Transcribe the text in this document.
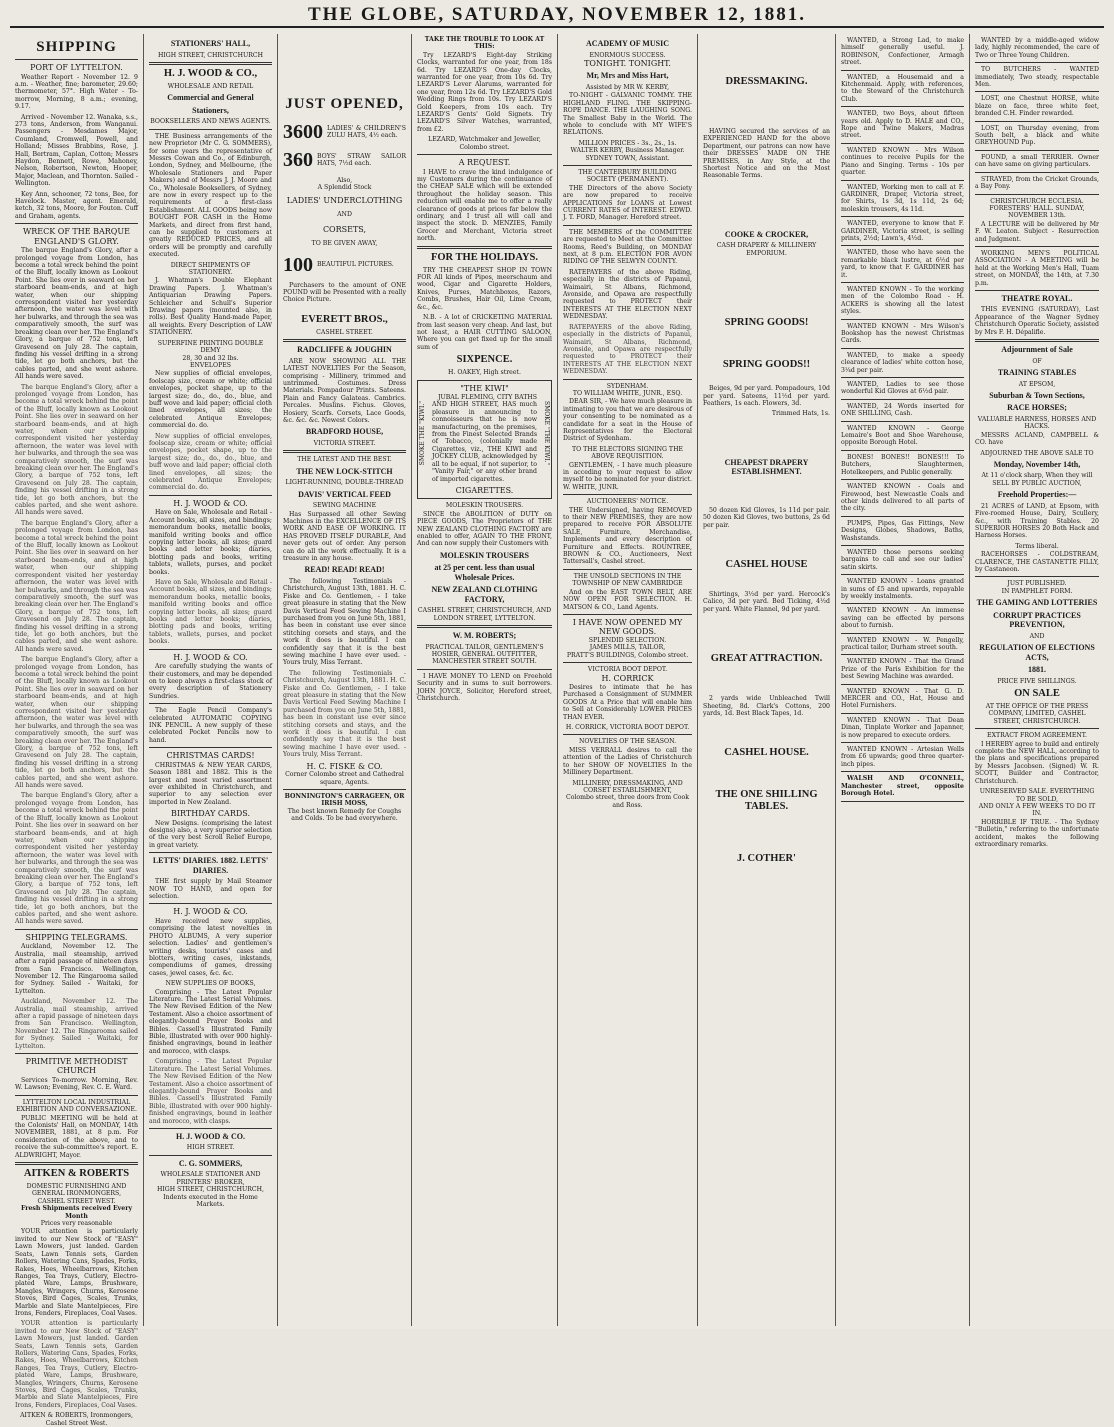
THE GLOBE, SATURDAY, NOVEMBER 12, 1881.
SHIPPING
PORT OF LYTTELTON.

Weather Report - November 12. 9 a.m. - Weather, fine; barometer, 29.60; thermometer, 57°. High Water - To-morrow, Morning, 8 a.m.; evening, 9.17.

Arrived - November 12. Wanaka, s.s., 273 tons, Anderson, from Wanganui. Passengers - Mesdames Major, Coumland, Cromwell, Powell, and Holland; Misses Brabbins, Rose, J. Hall, Bertram, Caplan, Cotton; Messrs Haydon, Bennett, Rowe, Mahoney, Nelson, Robertson, Newton, Hooper, Major, Maclean, and Thornton. Sailed - Wellington.

Key Ann, schooner, 72 tons, Bee, for Havelock. Master, agent. Emerald, ketch, 32 tons, Moore, for Fouton. Cuff and Graham, agents.

WRECK OF THE BARQUE ENGLAND'S GLORY.

The barque England's Glory, after a prolonged voyage from London, has become a total wreck behind the point of the Bluff, locally known as Lookout Point. She lies over in seaward on her starboard beam-ends, and at high water, when our shipping correspondent visited her yesterday afternoon, the water was level with her bulwarks, and through the sea was comparatively smooth, the surf was breaking clean over her. The England's Glory, a barque of 752 tons, left Gravesend on July 28. The captain, finding his vessel drifting in a strong tide, let go both anchors, but the cables parted, and she went ashore. All hands were saved.

The barque England's Glory, after a prolonged voyage from London, has become a total wreck behind the point of the Bluff, locally known as Lookout Point. She lies over in seaward on her starboard beam-ends, and at high water, when our shipping correspondent visited her yesterday afternoon, the water was level with her bulwarks, and through the sea was comparatively smooth, the surf was breaking clean over her. The England's Glory, a barque of 752 tons, left Gravesend on July 28. The captain, finding his vessel drifting in a strong tide, let go both anchors, but the cables parted, and she went ashore. All hands were saved.

The barque England's Glory, after a prolonged voyage from London, has become a total wreck behind the point of the Bluff, locally known as Lookout Point. She lies over in seaward on her starboard beam-ends, and at high water, when our shipping correspondent visited her yesterday afternoon, the water was level with her bulwarks, and through the sea was comparatively smooth, the surf was breaking clean over her. The England's Glory, a barque of 752 tons, left Gravesend on July 28. The captain, finding his vessel drifting in a strong tide, let go both anchors, but the cables parted, and she went ashore. All hands were saved.

The barque England's Glory, after a prolonged voyage from London, has become a total wreck behind the point of the Bluff, locally known as Lookout Point. She lies over in seaward on her starboard beam-ends, and at high water, when our shipping correspondent visited her yesterday afternoon, the water was level with her bulwarks, and through the sea was comparatively smooth, the surf was breaking clean over her. The England's Glory, a barque of 752 tons, left Gravesend on July 28. The captain, finding his vessel drifting in a strong tide, let go both anchors, but the cables parted, and she went ashore. All hands were saved.

The barque England's Glory, after a prolonged voyage from London, has become a total wreck behind the point of the Bluff, locally known as Lookout Point. She lies over in seaward on her starboard beam-ends, and at high water, when our shipping correspondent visited her yesterday afternoon, the water was level with her bulwarks, and through the sea was comparatively smooth, the surf was breaking clean over her. The England's Glory, a barque of 752 tons, left Gravesend on July 28. The captain, finding his vessel drifting in a strong tide, let go both anchors, but the cables parted, and she went ashore. All hands were saved.

SHIPPING TELEGRAMS.

Auckland, November 12. The Australia, mail steamship, arrived after a rapid passage of nineteen days from San Francisco. Wellington, November 12. The Ringarooma sailed for Sydney. Sailed - Waitaki, for Lyttelton.

Auckland, November 12. The Australia, mail steamship, arrived after a rapid passage of nineteen days from San Francisco. Wellington, November 12. The Ringarooma sailed for Sydney. Sailed - Waitaki, for Lyttelton.

PRIMITIVE METHODIST CHURCH

Services To-morrow. Morning, Rev. W. Lawson; Evening, Rev. C. E. Ward.

LYTTELTON LOCAL INDUSTRIAL EXHIBITION AND CONVERSAZIONE.

PUBLIC MEETING will be held at the Colonists' Hall, on MONDAY, 14th NOVEMBER, 1881, at 8 p.m. For consideration of the above, and to receive the sub-committee's report. E. ALDWRIGHT, Mayor.

AITKEN & ROBERTS
DOMESTIC FURNISHING AND GENERAL IRONMONGERS,
CASHEL STREET WEST.
Fresh Shipments received Every Month
Prices very reasonable

YOUR attention is particularly invited to our New Stock of "EASY" Lawn Mowers, just landed. Garden Seats, Lawn Tennis sets, Garden Rollers, Watering Cans, Spades, Forks, Rakes, Hoes, Wheelbarrows, Kitchen Ranges, Tea Trays, Cutlery, Electro-plated Ware, Lamps, Brushware, Mangles, Wringers, Churns, Kerosene Stoves, Bird Cages, Scales, Trunks, Marble and Slate Mantelpieces, Fire Irons, Fenders, Fireplaces, Coal Vases.

YOUR attention is particularly invited to our New Stock of "EASY" Lawn Mowers, just landed. Garden Seats, Lawn Tennis sets, Garden Rollers, Watering Cans, Spades, Forks, Rakes, Hoes, Wheelbarrows, Kitchen Ranges, Tea Trays, Cutlery, Electro-plated Ware, Lamps, Brushware, Mangles, Wringers, Churns, Kerosene Stoves, Bird Cages, Scales, Trunks, Marble and Slate Mantelpieces, Fire Irons, Fenders, Fireplaces, Coal Vases.

AITKEN & ROBERTS, Ironmongers, Cashel Street West.
STATIONERS' HALL,
HIGH STREET, CHRISTCHURCH
H. J. WOOD & CO.,
WHOLESALE AND RETAIL
Commercial and General
Stationers,
BOOKSELLERS AND NEWS AGENTS.

THE Business arrangements of the new Proprietor (Mr C. G. SOMMERS), for some years the representative of Messrs Cowan and Co., of Edinburgh, London, Sydney, and Melbourne, (the Wholesale Stationers and Paper Makers) and of Messrs J. J. Moore and Co., Wholesale Booksellers, of Sydney, are now in every respect up to the requirements of a first-class Establishment. ALL GOODS being now BOUGHT FOR CASH in the Home Markets, and direct from first hand, can be supplied to customers at greatly REDUCED PRICES, and all orders will be promptly and carefully executed.

DIRECT SHIPMENTS OF STATIONERY.

J. Whatman's Double Elephant Drawing Papers. J. Whatman's Antiquarian Drawing Papers. Schleicher and Schull's Superior Drawing papers (mounted also, in rolls). Best Quality Hand-made Paper, all weights. Every Description of LAW STATIONERY.

SUPERFINE PRINTING DOUBLE DEMY
28, 30 and 32 lbs.
ENVELOPES

New supplies of official envelopes, foolscap size, cream or white; official envelopes, pocket shape, up to the largest size; do., do., do., blue, and buff wove and laid paper; official cloth lined envelopes, all sizes; the celebrated Antique Envelopes; commercial do. do.

New supplies of official envelopes, foolscap size, cream or white; official envelopes, pocket shape, up to the largest size; do., do., do., blue, and buff wove and laid paper; official cloth lined envelopes, all sizes; the celebrated Antique Envelopes; commercial do. do.

H. J. WOOD & CO.

Have on Sale, Wholesale and Retail - Account books, all sizes, and bindings; memorandum books, metallic books, manifold writing books and office copying letter books, all sizes; guard books and letter books; diaries, blotting pads and books, writing tablets, wallets, purses, and pocket books.

Have on Sale, Wholesale and Retail - Account books, all sizes, and bindings; memorandum books, metallic books, manifold writing books and office copying letter books, all sizes; guard books and letter books; diaries, blotting pads and books, writing tablets, wallets, purses, and pocket books.

H. J. WOOD & CO.

Are carefully studying the wants of their customers, and may be depended on to keep always a first-class stock of every description of Stationery Sundries.

The Eagle Pencil Company's celebrated AUTOMATIC COPYING INK PENCIL. A new supply of these celebrated Pocket Pencils now to hand.

CHRISTMAS CARDS!

CHRISTMAS & NEW YEAR CARDS, Season 1881 and 1882. This is the largest and most varied assortment ever exhibited in Christchurch, and superior to any selection ever imported in New Zealand.

BIRTHDAY CARDS.

New Designs. (comprising the latest designs) also, a very superior selection of the very best Scroll Relief Europe, in great variety.

LETTS' DIARIES. 1882. LETTS' DIARIES.

THE first supply by Mail Steamer NOW TO HAND, and open for selection.

H. J. WOOD & CO.

Have received new supplies, comprising the latest novelties in PHOTO ALBUMS, A very superior selection. Ladies' and gentlemen's writing desks, tourists' cases and blotters, writing cases, inkstands, compendiums of games, dressing cases, jewel cases, &c. &c.

NEW SUPPLIES OF BOOKS,

Comprising - The Latest Popular Literature. The Latest Serial Volumes. The New Revised Edition of the New Testament. Also a choice assortment of elegantly-bound Prayer Books and Bibles. Cassell's Illustrated Family Bible, illustrated with over 900 highly-finished engravings, bound in leather and morocco, with clasps.

Comprising - The Latest Popular Literature. The Latest Serial Volumes. The New Revised Edition of the New Testament. Also a choice assortment of elegantly-bound Prayer Books and Bibles. Cassell's Illustrated Family Bible, illustrated with over 900 highly-finished engravings, bound in leather and morocco, with clasps.

H. J. WOOD & CO.
HIGH STREET.
C. G. SOMMERS,
WHOLESALE STATIONER AND PRINTERS' BROKER,
HIGH STREET, CHRISTCHURCH,
Indents executed in the Home Markets.
JUST OPENED,
3600 LADIES' & CHILDREN'S ZULU HATS, 4½ each.
360 BOYS' STRAW SAILOR HATS, 7½d each.
Also,
A Splendid Stock
LADIES' UNDERCLOTHING
AND
CORSETS,
TO BE GIVEN AWAY,
100 BEAUTIFUL PICTURES.

Purchasers to the amount of ONE POUND will be Presented with a really Choice Picture.

EVERETT BROS.,
CASHEL STREET.
RADCLIFFE & JOUGHIN

ARE NOW SHOWING ALL THE LATEST NOVELTIES For the Season, comprising - Millinery, trimmed and untrimmed. Costumes. Dress Materials. Pompadour Prints. Sateens. Plain and Fancy Galateas. Cambrics. Percales. Muslins. Fichus. Gloves, Hosiery, Scarfs. Corsets, Lace Goods, &c. &c. &c. Newest Colors.

BRADFORD HOUSE,
VICTORIA STREET.
THE LATEST AND THE BEST.
THE NEW LOCK-STITCH
LIGHT-RUNNING, DOUBLE-THREAD
DAVIS' VERTICAL FEED
SEWING MACHINE

Has Surpassed all other Sewing Machines in the EXCELLENCE OF ITS WORK AND EASE OF WORKING. IT HAS PROVED ITSELF DURABLE, And never gets out of order. Any person can do all the work effectually. It is a treasure in any house.

READ! READ! READ!

The following Testimonials - Christchurch, August 13th, 1881. H. C. Fiske and Co. Gentlemen, - I take great pleasure in stating that the New Davis Vertical Feed Sewing Machine I purchased from you on June 5th, 1881, has been in constant use ever since stitching corsets and stays, and the work it does is beautiful. I can confidently say that it is the best sewing machine I have ever used. - Yours truly, Miss Terrant.

The following Testimonials - Christchurch, August 13th, 1881. H. C. Fiske and Co. Gentlemen, - I take great pleasure in stating that the New Davis Vertical Feed Sewing Machine I purchased from you on June 5th, 1881, has been in constant use ever since stitching corsets and stays, and the work it does is beautiful. I can confidently say that it is the best sewing machine I have ever used. - Yours truly, Miss Terrant.

H. C. FISKE & CO.
Corner Colombo street and Cathedral square, Agents.
BONNINGTON'S CARRAGEEN, OR IRISH MOSS,
The best known Remedy for Coughs and Colds. To be had everywhere.
TAKE THE TROUBLE TO LOOK AT THIS:

Try LEZARD'S Eight-day Striking Clocks, warranted for one year, from 18s 6d. Try LEZARD'S One-day Clocks, warranted for one year, from 10s 6d. Try LEZARD'S Lever Alarums, warranted for one year, from 12s 6d. Try LEZARD'S Gold Wedding Rings from 10s. Try LEZARD'S Gold Keepers, from 10s each. Try LEZARD'S Gents' Gold Signets. Try LEZARD'S Silver Watches, warranted, from £2.

LEZARD, Watchmaker and Jeweller, Colombo street.
A REQUEST.

I HAVE to crave the kind indulgence of my Customers during the continuance of the CHEAP SALE which will be extended throughout the holiday season. This reduction will enable me to offer a really clearance of goods at prices far below the ordinary, and I trust all will call and inspect the stock. D. MENZIES, Family Grocer and Merchant, Victoria street north.

FOR THE HOLIDAYS.

TRY THE CHEAPEST SHOP IN TOWN FOR All kinds of Pipes, meerschaum and wood, Cigar and Cigarette Holders, Knives, Purses, Matchboxes, Razors, Combs, Brushes, Hair Oil, Lime Cream, &c., &c.

N.B. - A lot of CRICKETING MATERIAL from last season very cheap. And last, but not least, a HAIR CUTTING SALOON, Where you can get fixed up for the small sum of

SIXPENCE.
H. OAKEY, High street.
SMOKE THE "KIWI."	SMOKE "THE KIWI."
"THE KIWI"

JUBAL FLEMING, CITY BATHS AND HIGH STREET, HAS much pleasure in announcing to connoisseurs that he is now manufacturing, on the premises, from the Finest Selected Brands of Tobacco, (colonially made Cigarettes, viz., THE KIWI and JOCKEY CLUB, acknowledged by all to be equal, if not superior, to "Vanity Fair," or any other brand of imported cigarettes.

CIGARETTES.
MOLESKIN TROUSERS.

SINCE the ABOLITION of DUTY on PIECE GOODS, The Proprietors of THE NEW ZEALAND CLOTHING FACTORY are enabled to offer, AGAIN TO THE FRONT, And can now supply their Customers with

MOLESKIN TROUSERS
at 25 per cent. less than usual Wholesale Prices.
NEW ZEALAND CLOTHING FACTORY,
CASHEL STREET, CHRISTCHURCH, AND LONDON STREET, LYTTELTON.
W. M. ROBERTS;
PRACTICAL TAILOR, GENTLEMEN'S HOSIER, GENERAL OUTFITTER,
MANCHESTER STREET SOUTH.

I HAVE MONEY TO LEND on Freehold Security and in sums to suit borrowers. JOHN JOYCE, Solicitor, Hereford street, Christchurch.

ACADEMY OF MUSIC
ENORMOUS SUCCESS.
TONIGHT. TONIGHT.
Mr, Mrs and Miss Hart,
Assisted by MR W. KERBY,

TO-NIGHT - GALVANIC TOMMY. THE HIGHLAND FLING. THE SKIPPING-ROPE DANCE. THE LAUGHING SONG. The Smallest Baby in the World. The whole to conclude with MY WIFE'S RELATIONS.

MILLION PRICES - 3s., 2s., 1s.
WALTER KERBY, Business Manager. SYDNEY TOWN, Assistant.
THE CANTERBURY BUILDING SOCIETY (PERMANENT).

THE Directors of the above Society are now prepared to receive APPLICATIONS for LOANS at Lowest CURRENT RATES of INTEREST. EDWD. J. T. FORD, Manager. Hereford street.

THE MEMBERS of the COMMITTEE are requested to Meet at the Committee Rooms, Reed's Building, on MONDAY next, at 8 p.m. ELECTION FOR AVON RIDING OF THE SELWYN COUNTY.

RATEPAYERS of the above Riding, especially in the districts of Papanui, Waimairi, St Albans, Richmond, Avonside, and Opawa are respectfully requested to PROTECT their INTERESTS AT THE ELECTION NEXT WEDNESDAY.

RATEPAYERS of the above Riding, especially in the districts of Papanui, Waimairi, St Albans, Richmond, Avonside, and Opawa are respectfully requested to PROTECT their INTERESTS AT THE ELECTION NEXT WEDNESDAY.

SYDENHAM.
TO WILLIAM WHITE, JUNR., ESQ.

DEAR SIR, - We have much pleasure in intimating to you that we are desirous of your consenting to be nominated as a candidate for a seat in the House of Representatives for the Electoral District of Sydenham.

TO THE ELECTORS SIGNING THE ABOVE REQUISITION.

GENTLEMEN, - I have much pleasure in acceding to your request to allow myself to be nominated for your district. W. WHITE, JUNR.

AUCTIONEERS' NOTICE.

THE Undersigned, having REMOVED to their NEW PREMISES, they are now prepared to receive FOR ABSOLUTE SALE, Furniture, Merchandise, Implements and every description of Furniture and Effects. ROUNTREE, BROWN & CO., Auctioneers, Next Tattersall's, Cashel street.

THE UNSOLD SECTIONS IN THE TOWNSHIP OF NEW CAMBRIDGE

And on the EAST TOWN BELT, ARE NOW OPEN FOR SELECTION. H. MATSON & CO., Land Agents.

I HAVE NOW OPENED MY NEW GOODS.
SPLENDID SELECTION.
JAMES MILLS, TAILOR,
PRATT'S BUILDINGS, Colombo street.
VICTORIA BOOT DEPOT.
H. CORRICK

Desires to intimate that he has Purchased a Consignment of SUMMER GOODS At a Price that will enable him to Sell at Considerably LOWER PRICES THAN EVER.

H. CORRICK, VICTORIA BOOT DEPOT.
NOVELTIES OF THE SEASON.

MISS VERRALL desires to call the attention of the Ladies of Christchurch to her SHOW OF NOVELTIES In the Millinery Department.

MILLINERY, DRESSMAKING, AND CORSET ESTABLISHMENT,
Colombo street, three doors from Cook and Ross.
DRESSMAKING.

HAVING secured the services of an EXPERIENCED HAND for the above Department, our patrons can now have their DRESSES MADE ON THE PREMISES, in Any Style, at the Shortest Notice and on the Most Reasonable Terms.

COOKE & CROCKER,
CASH DRAPERY & MILLINERY EMPORIUM.
SPRING GOODS!
SPRING GOODS!!

Beiges, 9d per yard. Pompadours, 10d per yard. Sateens, 11½d per yard. Feathers, 1s each. Flowers, 3d.

Trimmed Hats, 1s.
CHEAPEST DRAPERY ESTABLISHMENT.

50 dozen Kid Gloves, 1s 11d per pair. 50 dozen Kid Gloves, two buttons, 2s 6d per pair.

CASHEL HOUSE

Shirtings, 3½d per yard. Hercock's Calico, 3d per yard. Bed Ticking, 4½d per yard. White Flannel, 9d per yard.

GREAT ATTRACTION.

2 yards wide Unbleached Twill Sheeting, 8d. Clark's Cottons, 200 yards, 1d. Best Black Tapes, 1d.

CASHEL HOUSE.
THE ONE SHILLING TABLES.
J. COTHER'

WANTED, a Strong Lad, to make himself generally useful. J. ROBINSON, Confectioner, Armagh street.

WANTED, a Housemaid and a Kitchenmaid. Apply, with references, to the Steward of the Christchurch Club.

WANTED, two Boys, about fifteen years old. Apply to D. HALE and CO., Rope and Twine Makers, Madras street.

WANTED KNOWN - Mrs Wilson continues to receive Pupils for the Piano and Singing. Terms - 10s per quarter.

WANTED, Working men to call at F. GARDINER, Draper, Victoria street, for Shirts, 1s 3d, 1s 11d, 2s 6d; moleskin trousers, 4s 11d.

WANTED, everyone to know that F. GARDINER, Victoria street, is selling prints, 2½d; Lawn's, 4½d.

WANTED, those who have seen the remarkable black lustre, at 6½d per yard, to know that F. GARDINER has it.

WANTED KNOWN - To the working men of the Colombo Road - H. ACKERS is showing all the latest styles.

WANTED KNOWN - Mrs Wilson's Bookshop has the newest Christmas Cards.

WANTED, to make a speedy clearance of ladies' white cotton hose, 3¼d per pair.

WANTED, Ladies to see those wonderful Kid Gloves at 6½d pair.

WANTED, 24 Words inserted for ONE SHILLING, Cash.

WANTED KNOWN - George Lemaire's Boot and Shoe Warehouse, opposite Borough Hotel.

BONES! BONES!! BONES!!! To Butchers, Slaughtermen, Hotelkeepers, and Public generally.

WANTED KNOWN - Coals and Firewood, best Newcastle Coals and other kinds delivered to all parts of the city.

PUMPS, Pipes, Gas Fittings, New Designs, Globes, Shadows, Baths, Washstands.

WANTED those persons seeking bargains to call and see our ladies' satin skirts.

WANTED KNOWN - Loans granted in sums of £5 and upwards, repayable by weekly instalments.

WANTED KNOWN - An immense saving can be effected by persons about to furnish.

WANTED KNOWN - W. Pengelly, practical tailor, Durham street south.

WANTED KNOWN - That the Grand Prize of the Paris Exhibition for the best Sewing Machine was awarded.

WANTED KNOWN - That G. D. MERCER and CO., Hat, House and Hotel Furnishers.

WANTED KNOWN - That Dean Dinan, Tinplate Worker and Japanner, is now prepared to execute orders.

WANTED KNOWN - Artesian Wells from £6 upwards; good three quarter-inch pipes.

WALSH AND O'CONNELL, Manchester street, opposite Borough Hotel.

WANTED by a middle-aged widow lady, highly recommended, the care of Two or Three Young Children.

TO BUTCHERS - WANTED immediately, Two steady, respectable Men.

LOST, one Chestnut HORSE, white blaze on face, three white feet, branded C.H. Finder rewarded.

LOST, on Thursday evening, from South belt, a black and white GREYHOUND Pup.

FOUND, a small TERRIER. Owner can have same on giving particulars.

STRAYED, from the Cricket Grounds, a Bay Pony.

CHRISTCHURCH ECCLESIA. FORESTERS' HALL. SUNDAY, NOVEMBER 13th.

A LECTURE will be delivered by Mr F. W. Leaton. Subject - Resurrection and Judgment.

WORKING MEN'S POLITICAL ASSOCIATION - A MEETING will be held at the Working Men's Hall, Tuam street, on MONDAY, the 14th, at 7.30 p.m.

THEATRE ROYAL.

THIS EVENING (SATURDAY), Last Appearance of the Wagner Sydney Christchurch Operatic Society, assisted by Mrs F. H. Dépalifle.

Adjournment of Sale
OF
TRAINING STABLES
AT EPSOM,
Suburban & Town Sections,
RACE HORSES;
VALUABLE HARNESS, HORSES AND HACKS.

MESSRS ACLAND, CAMPBELL & CO. have

ADJOURNED THE ABOVE SALE TO
Monday, November 14th,
At 11 o'clock sharp, When they will SELL BY PUBLIC AUCTION,
Freehold Properties:—

21 ACRES of LAND, at Epsom, with Five-roomed House, Dairy, Scullery, &c., with Training Stables. 20 SUPERIOR HORSES 20 Both Hack and Harness Horses.

Terms liberal.

RACEHORSES - COLDSTREAM, CLARENCE, THE CASTANETTE FILLY, by Castaneon.

JUST PUBLISHED.
IN PAMPHLET FORM.
THE GAMING AND LOTTERIES
CORRUPT PRACTICES PREVENTION,
AND
REGULATION OF ELECTIONS ACTS,
1881.
PRICE FIVE SHILLINGS.
ON SALE
AT THE OFFICE OF THE PRESS COMPANY, LIMITED, CASHEL STREET, CHRISTCHURCH.
EXTRACT FROM AGREEMENT.

I HEREBY agree to build and entirely complete the NEW HALL, according to the plans and specifications prepared by Messrs Jacobsen. (Signed) W. R. SCOTT, Builder and Contractor, Christchurch.

UNRESERVED SALE. EVERYTHING TO BE SOLD,
AND ONLY A FEW WEEKS TO DO IT IN.

HORRIBLE IF TRUE. - The Sydney "Bulletin," referring to the unfortunate accident, makes the following extraordinary remarks.
